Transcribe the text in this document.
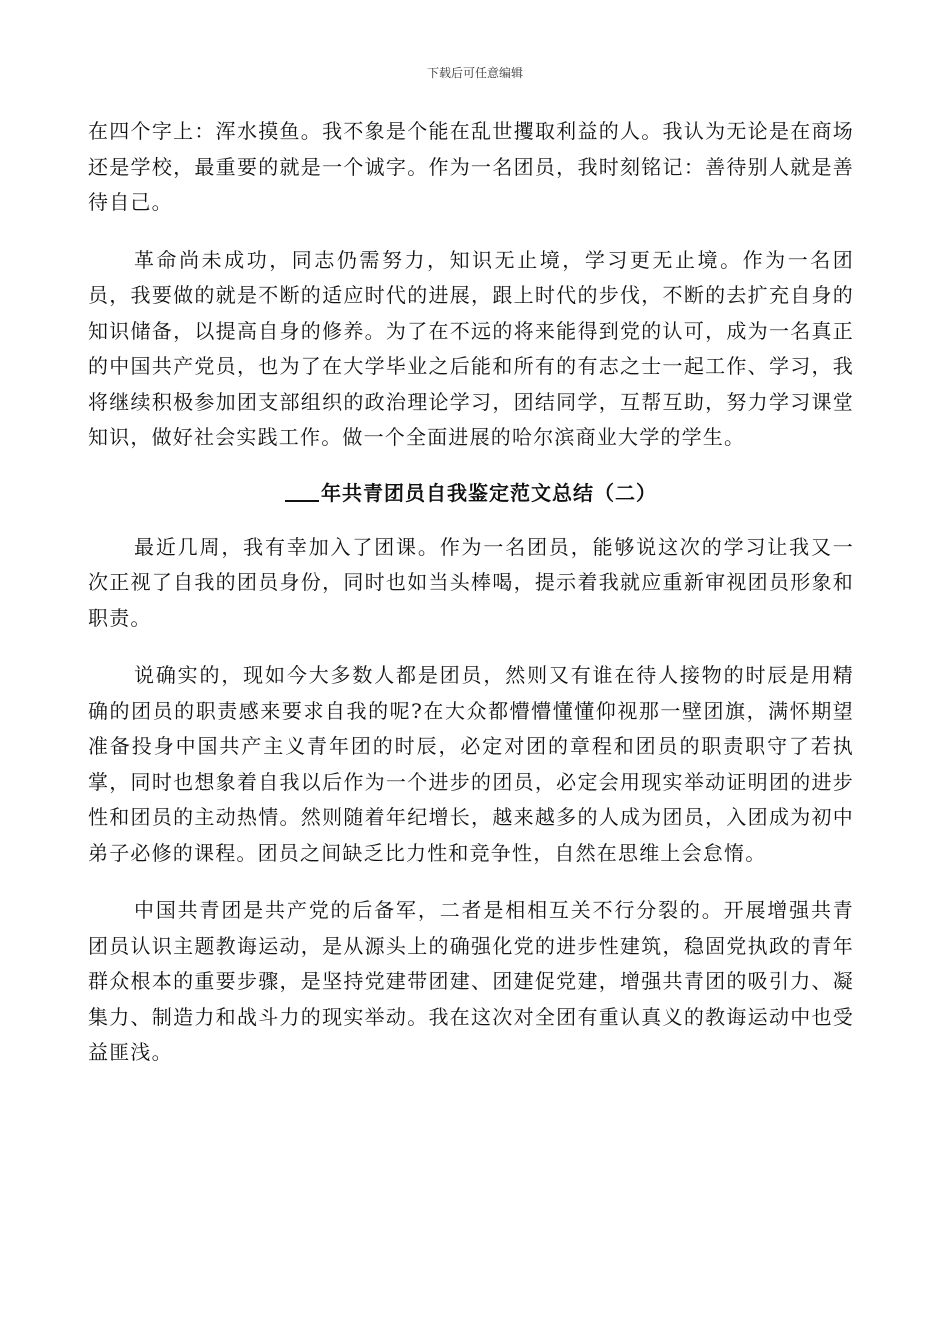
下载后可任意编辑

在四个字上：浑水摸鱼。我不象是个能在乱世攫取利益的人。我认为无论是在商场还是学校，最重要的就是一个诚字。作为一名团员，我时刻铭记：善待别人就是善待自己。

革命尚未成功，同志仍需努力，知识无止境，学习更无止境。作为一名团员，我要做的就是不断的适应时代的进展，跟上时代的步伐，不断的去扩充自身的知识储备，以提高自身的修养。为了在不远的将来能得到党的认可，成为一名真正的中国共产党员，也为了在大学毕业之后能和所有的有志之士一起工作、学习，我将继续积极参加团支部组织的政治理论学习，团结同学，互帮互助，努力学习课堂知识，做好社会实践工作。做一个全面进展的哈尔滨商业大学的学生。

年共青团员自我鉴定范文总结（二）

最近几周，我有幸加入了团课。作为一名团员，能够说这次的学习让我又一次正视了自我的团员身份，同时也如当头棒喝，提示着我就应重新审视团员形象和职责。

说确实的，现如今大多数人都是团员，然则又有谁在待人接物的时辰是用精确的团员的职责感来要求自我的呢?在大众都懵懵懂懂仰视那一壁团旗，满怀期望准备投身中国共产主义青年团的时辰，必定对团的章程和团员的职责职守了若执掌，同时也想象着自我以后作为一个进步的团员，必定会用现实举动证明团的进步性和团员的主动热情。然则随着年纪增长，越来越多的人成为团员，入团成为初中弟子必修的课程。团员之间缺乏比力性和竞争性，自然在思维上会怠惰。

中国共青团是共产党的后备军，二者是相相互关不行分裂的。开展增强共青团员认识主题教诲运动，是从源头上的确强化党的进步性建筑，稳固党执政的青年群众根本的重要步骤，是坚持党建带团建、团建促党建，增强共青团的吸引力、凝集力、制造力和战斗力的现实举动。我在这次对全团有重认真义的教诲运动中也受益匪浅。
